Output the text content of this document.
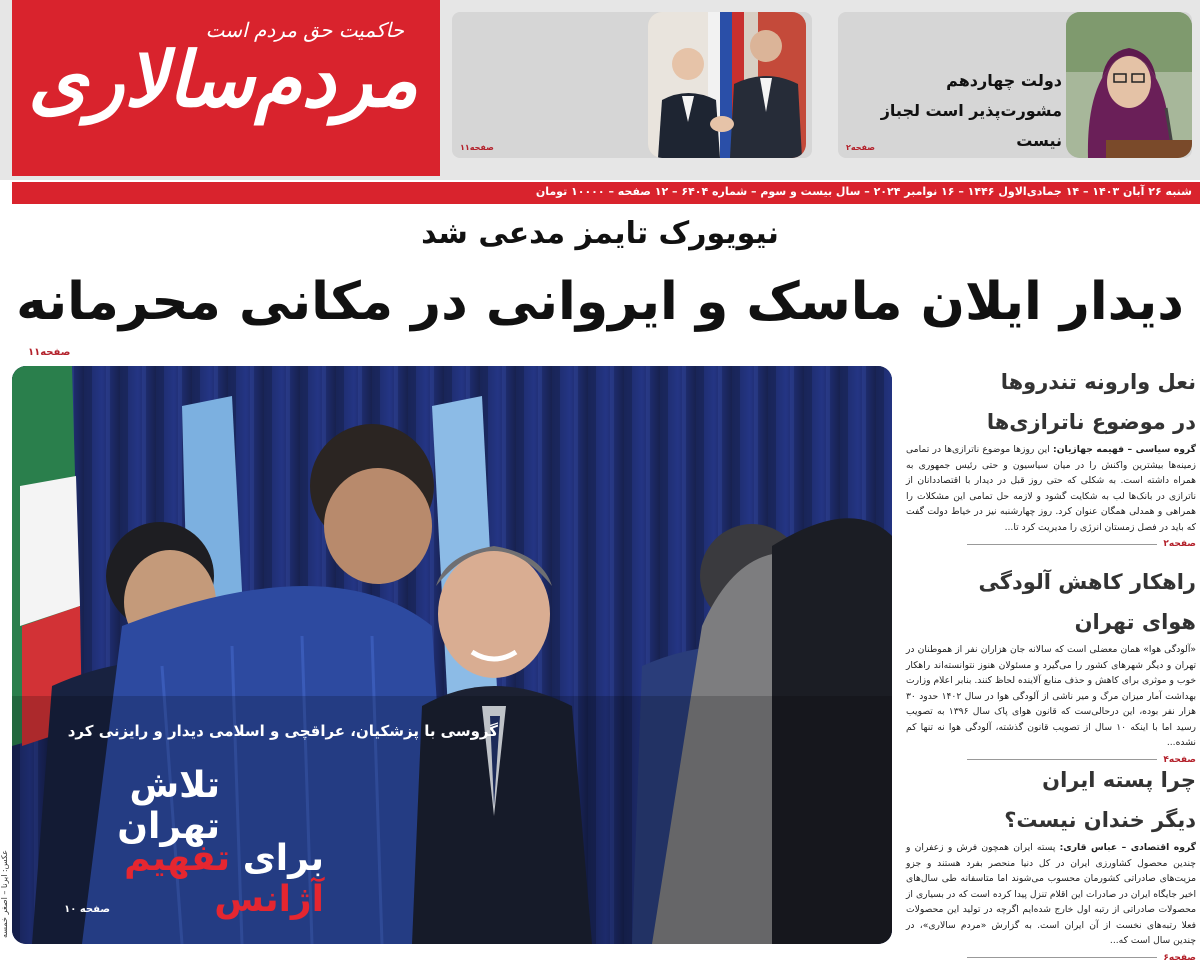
حاکمیت حق مردم است
مردم‌سالاری
صفحه۱۱
دولت چهاردهم مشورت‌پذیر است لجباز نیست
صفحه۲
شنبه ۲۶ آبان ۱۴۰۳ – ۱۴ جمادی‌الاول ۱۴۴۶ – ۱۶ نوامبر ۲۰۲۴ – سال بیست و سوم – شماره ۶۴۰۴ – ۱۲ صفحه – ۱۰۰۰۰ تومان
نیویورک تایمز مدعی شد
دیدار ایلان ماسک و ایروانی در مکانی محرمانه
صفحه۱۱
عکس: ایرنا – اصغر خمسه
گروسی با پزشکیان، عراقچی و اسلامی دیدار و رایزنی کرد
تلاش تهران
برای تفهیم آژانس
صفحه ۱۰
نعل وارونه تندروها
در موضوع ناترازی‌ها
گروه سیاسی – فهیمه جهازیان: این روزها موضوع ناترازی‌ها در تمامی زمینه‌ها بیشترین واکنش را در میان سیاسیون و حتی رئیس جمهوری به همراه داشته است. به شکلی که حتی روز قبل در دیدار با اقتصاددانان از ناترازی در بانک‌ها لب به شکایت گشود و لازمه حل تمامی این مشکلات را همراهی و همدلی همگان عنوان کرد. روز چهارشنبه نیز در خیاط دولت گفت که باید در فصل زمستان انرژی را مدیریت کرد تا...
صفحه۲
راهکار کاهش آلودگی
هوای تهران
«آلودگی هوا» همان معضلی است که سالانه جان هزاران نفر از هموطنان در تهران و دیگر شهرهای کشور را می‌گیرد و مسئولان هنوز نتوانسته‌اند راهکار خوب و موثری برای کاهش و حذف منابع آلاینده لحاظ کنند. بنابر اعلام وزارت بهداشت آمار میزان مرگ و میر ناشی از آلودگی هوا در سال ۱۴۰۲ حدود ۳۰ هزار نفر بوده، این درحالی‌ست که قانون هوای پاک سال ۱۳۹۶ به تصویب رسید اما با اینکه ۱۰ سال از تصویب قانون گذشته، آلودگی هوا نه تنها کم نشده...
صفحه۴
چرا پسته ایران
دیگر خندان نیست؟
گروه اقتصادی – عباس قاری: پسته ایران همچون فرش و زعفران و چندین محصول کشاورزی ایران در کل دنیا منحصر بفرد هستند و جزو مزیت‌های صادراتی کشورمان محسوب می‌شوند اما متاسفانه طی سال‌های اخیر جایگاه ایران در صادرات این اقلام تنزل پیدا کرده است که در بسیاری از محصولات صادراتی از رتبه اول خارج شده‌ایم اگرچه در تولید این محصولات فعلا رتبه‌های نخست از آن ایران است. به گزارش «مردم سالاری»، در چندین سال است که...
صفحه۶
